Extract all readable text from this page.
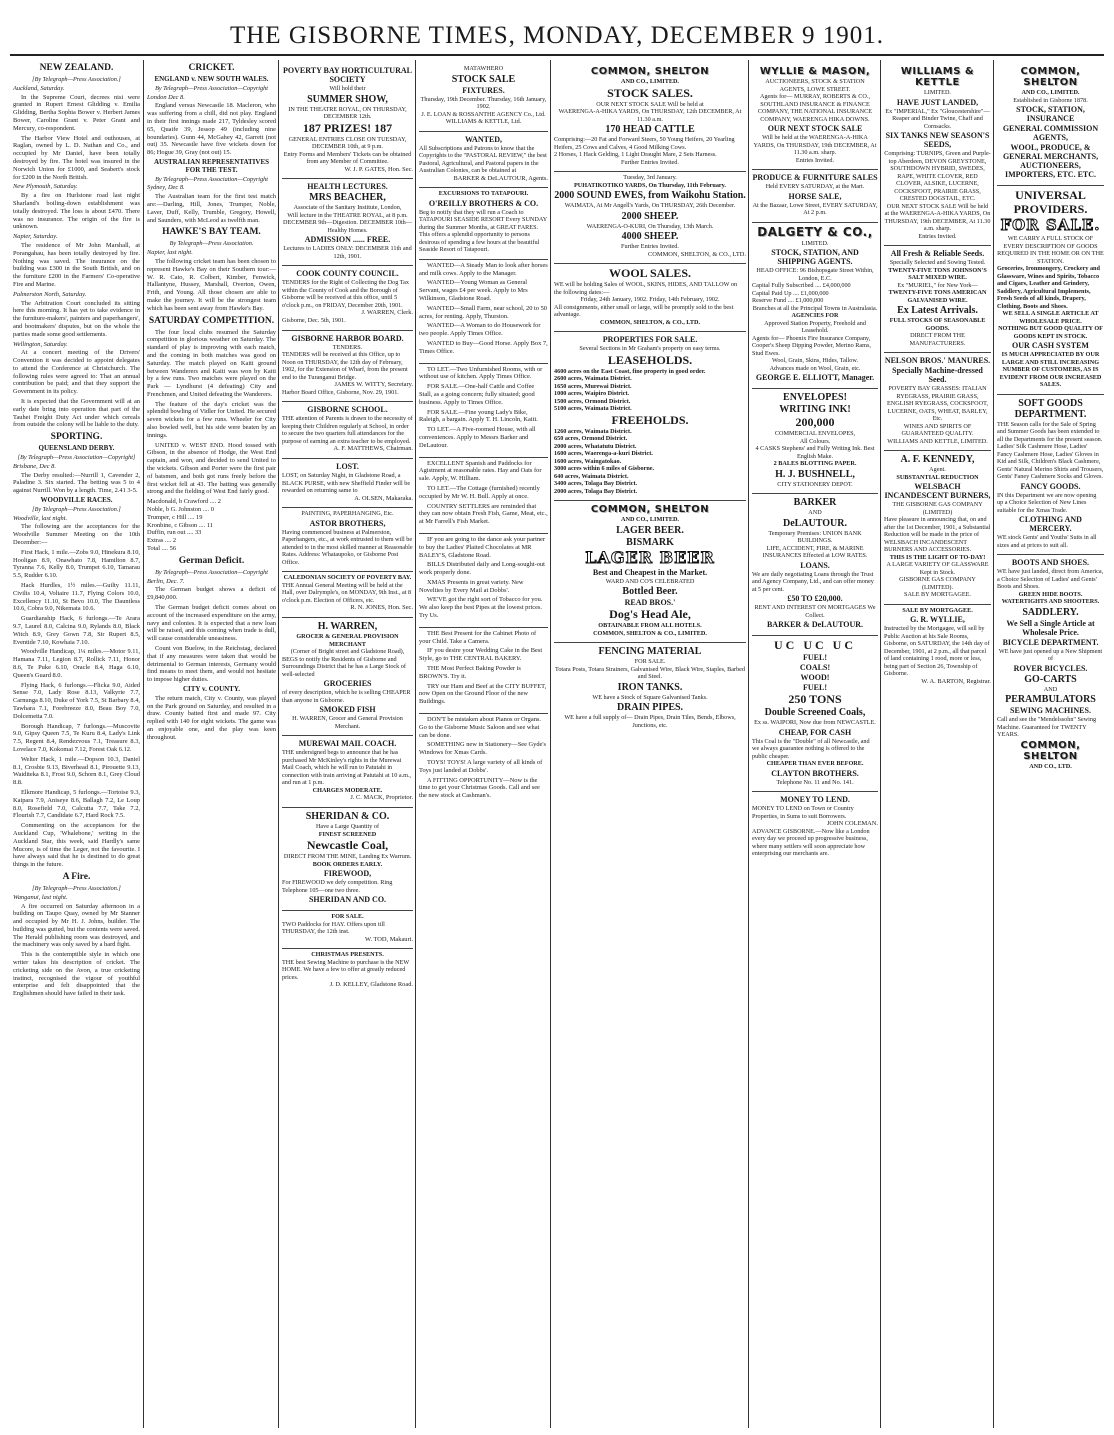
THE GISBORNE TIMES, MONDAY, DECEMBER 9 1901.
NEW ZEALAND.
[By Telegraph—Press Association.]
Auckland, Saturday.

In the Supreme Court, decrees nisi were granted in Rupert Ernest Glidding v. Emilia Glidding, Bertha Sophia Bower v. Herbert James Bower, Caroline Grant v. Peter Grant and Mercury, co-respondent.

The Harbor View Hotel and outhouses, at Raglan, owned by L. D. Nathan and Co., and occupied by Mr Daniel, have been totally destroyed by fire. The hotel was insured in the Norwich Union for £1000, and Seabert's stock for £200 in the North British.

New Plymouth, Saturday.

By a fire on Hurlstone road last night Sharland's boiling-down establishment was totally destroyed. The loss is about £470. There was no insurance. The origin of the fire is unknown.

Napier, Saturday.

The residence of Mr John Marshall, at Porangahau, has been totally destroyed by fire. Nothing was saved. The insurance on the building was £300 in the South British, and on the furniture £200 in the Farmers' Co-operative Fire and Marine.

Palmerston North, Saturday.

The Arbitration Court concluded its sitting here this morning. It has yet to take evidence in the furniture-makers', painters and paperhangers', and bootmakers' disputes, but on the whole the parties made some good settlements.

Wellington, Saturday.

At a concert meeting of the Drivers' Convention it was decided to appoint delegates to attend the Conference at Christchurch. The following rules were agreed to: That an annual contribution be paid; and that they support the Government in its policy.

It is expected that the Government will at an early date bring into operation that part of the Tauhei Freight Duty Act under which cereals from outside the colony will be liable to the duty.

SPORTING.
QUEENSLAND DERBY.
[By Telegraph—Press Association—Copyright]
Brisbane, Dec 8.

The Derby resulted:—Nurrill 1, Cavender 2, Paladine 3. Six started. The betting was 5 to 4 against Nurrill. Won by a length. Time, 2.41 3-5.

WOODVILLE RACES.
[By Telegraph—Press Association.]
Woodville, last night.

The following are the acceptances for the Woodville Summer Meeting on the 10th December:—

First Hack, 1 mile.—Zobs 9.0, Hinekura 8.10, Hooligan 8.9, Onawhato 7.8, Hamilton 8.7, Tyranna 7.6, Kelly 8.0, Trumpet 6.10, Tamarau 5.5, Rudder 6.10.

Hack Hurdles, 1½ miles.—Guilty 11.11, Civilis 10.4, Voltaire 11.7, Flying Colors 10.0, Excellency 11.10, St Bevo 10.0, The Dauntless 10.6, Cobra 9.0, Nikemata 10.6.

Guardianship Hack, 6 furlongs.—Te Arara 9.7, Laurel 8.0, Calcina 9.0, Rylands 8.0, Black Witch 8.9, Grey Gown 7.8, Sir Rupert 8.5, Eventide 7.10, Kowhaia 7.10.

Woodville Handicap, 1¼ miles.—Motor 9.11, Hamana 7.11, Legion 8.7, Rollick 7.11, Honor 8.6, Te Puke 6.10, Oracle 8.4, Haga 6.10, Queen's Guard 8.0.

Flying Hack, 6 furlongs.—Flicka 9.0, Aided Sense 7.0, Lady Rose 8.13, Valkyrie 7.7, Carnunga 8.10, Duke of York 7.5, St Barbary 8.4, Tawhara 7.1, Forebreeze 8.0, Beau Boy 7.0, Dolcemetta 7.0.

Borough Handicap, 7 furlongs.—Muscovite 9.0, Gipsy Queen 7.5, Te Kuru 8.4, Lady's Link 7.5, Regent 8.4, Rendezvous 7.1, Treasure 8.3, Lovelace 7.0, Kokomai 7.12, Forest Oak 6.12.

Welter Hack, 1 mile.—Dopson 10.3, Daniel 8.1, Crosbie 9.13, Biverhead 8.1, Pirouette 9.13, Waiditeka 8.1, Frost 9.0, Schorn 8.1, Grey Cloud 8.8.

Elkmore Handicap, 5 furlongs.—Tortoise 9.3, Kaipara 7.9, Aniseye 8.6, Ballagh 7.2, Le Loup 8.0, Rosefield 7.0, Calcutta 7.7, Take 7.2, Flourish 7.7, Candidate 6.7, Hard Rock 7.5.

Commenting on the acceptances for the Auckland Cup, 'Whalebone,' writing in the Auckland Star, this week, said Hardly's same Mucore, is of time the Leger, not the favourite. I have always said that he is destined to do great things in the future.

A Fire.
[By Telegraph—Press Association.]
Wanganui, last night.

A fire occurred on Saturday afternoon in a building on Taupo Quay, owned by Mr Stanner and occupied by Mr H. J. Johns, builder. The building was gutted, but the contents were saved. The Herald publishing room was destroyed, and the machinery was only saved by a hard fight.

This is the contemptible style in which one writer takes his description of cricket. The cricketing side on the Avon, a true cricketing instinct, recognised the vigour of youthful enterprise and felt disappointed that the Englishmen should have failed in their task.

CRICKET.
ENGLAND v. NEW SOUTH WALES.
By Telegraph—Press Association—Copyright
London Dec 8.

England versus Newcastle 18. Macleron, who was suffering from a chill, did not play. England in their first innings made 217, Tyldesley scored 65, Quaife 39, Jessop 49 (including nine boundaries). Gunn 44, McGahey 42, Garrett (not out) 35. Newcastle have five wickets down for 86; Hogue 39, Gray (not out) 15.

AUSTRALIAN REPRESENTATIVES FOR THE TEST.
By Telegraph—Press Association—Copyright
Sydney, Dec 8.

The Australian team for the first test match are:—Darling, Hill, Jones, Trumper, Noble, Laver, Duff, Kelly, Trumble, Gregory, Howell, and Saunders, with McLeod as twelfth man.

HAWKE'S BAY TEAM.
By Telegraph—Press Association.
Napier, last night.

The following cricket team has been chosen to represent Hawke's Bay on their Southern tour:—W. R. Cato, R. Colbert, Kimber, Fenwick, Hallantyne, Hussey, Marshall, Overton, Owen, Frith, and Young. All those chosen are able to make the journey. It will be the strongest team which has been sent away from Hawke's Bay.

SATURDAY COMPETITION.

The four local clubs resumed the Saturday competition in glorious weather on Saturday. The standard of play is improving with each match, and the coming in both matches was good on Saturday. The match played on Kaiti ground between Wanderers and Kaiti was won by Kaiti by a few runs. Two matches were played on the Park — Lyndhurst (4 defeating) City and Frenchmen, and United defeating the Wanderers.

The feature of the day's cricket was the splendid bowling of Vidler for United. He secured seven wickets for a few runs. Wheeler for City also bowled well, but his side were beaten by an innings.

UNITED v. WEST END. Hood tossed with Gibson, in the absence of Hodge, the West End captain, and won, and decided to send United to the wickets. Gibson and Porter were the first pair of batsmen, and both got runs freely before the first wicket fell at 43. The batting was generally strong and the fielding of West End fairly good.

Macdonald, b Crawford .... 2
Noble, b G. Johnston .... 0
Trumper, c Hill .... 19
Kronbine, c Gibson .... 11
Duffin, run out .... 33
Extras .... 2
Total .... 56
German Deficit.
By Telegraph—Press Association—Copyright
Berlin, Dec. 7.

The German budget shows a deficit of £9,840,000.

The German budget deficit comes about on account of the increased expenditure on the army, navy and colonies. It is expected that a new loan will be raised, and this coming when trade is dull, will cause considerable uneasiness.

Count von Buelow, in the Reichstag, declared that if any measures were taken that would be detrimental to German interests, Germany would find means to meet them, and would not hesitate to impose higher duties.

CITY v. COUNTY.

The return match, City v. County, was played on the Park ground on Saturday, and resulted in a draw. County batted first and made 97. City replied with 140 for eight wickets. The game was an enjoyable one, and the play was keen throughout.

POVERTY BAY HORTICULTURAL SOCIETY
Will hold their
SUMMER SHOW,
IN THE THEATRE ROYAL, ON THURSDAY, DECEMBER 12th.
187 PRIZES! 187
GENERAL ENTRIES CLOSE ON TUESDAY, DECEMBER 10th, at 9 p.m.
Entry Forms and Members' Tickets can be obtained from any Member of Committee.
W. J. P. GATES, Hon. Sec.
HEALTH LECTURES.
MRS BEACHER,
Associate of the Sanitary Institute, London,
Will lecture in the THEATRE ROYAL, at 8 p.m.
DECEMBER 9th—Digestion. DECEMBER 10th—Healthy Homes.
ADMISSION ...... FREE.
Lectures to LADIES ONLY: DECEMBER 11th and 12th, 1901.
COOK COUNTY COUNCIL.
TENDERS for the Right of Collecting the Dog Tax within the County of Cook and the Borough of Gisborne will be received at this office, until 5 o'clock p.m., on FRIDAY, December 20th, 1901.
J. WARREN, Clerk.
Gisborne, Dec. 5th, 1901.
GISBORNE HARBOR BOARD.
TENDERS.
TENDERS will be received at this Office, up to Noon on THURSDAY, the 12th day of February, 1902, for the Extension of Wharf, from the present end to the Turanganui Bridge.
JAMES W. WITTY, Secretary.
Harbor Board Office, Gisborne, Nov. 29, 1901.
GISBORNE SCHOOL.
THE attention of Parents is drawn to the necessity of keeping their Children regularly at School, in order to secure the two quarters full attendances for the purpose of earning an extra teacher to be employed.
A. F. MATTHEWS, Chairman.
LOST.
LOST, on Saturday Night, in Gladstone Road, a BLACK PURSE, with new Sheffield Finder will be rewarded on returning same to
A. OLSEN, Makaraka.
PAINTING, PAPERHANGING, Etc.
ASTOR BROTHERS,
Having commenced business at Palmerston, Paperhangers, etc., at work entrusted to them will be attended to in the most skilled manner at Reasonable Rates. Address: Whataupoko, or Gisborne Post Office.
CALEDONIAN SOCIETY OF POVERTY BAY.
THE Annual General Meeting will be held at the Hall, over Dalrymple's, on MONDAY, 9th Inst., at 8 o'clock p.m. Election of Officers, etc.
R. N. JONES, Hon. Sec.
H. WARREN,
GROCER & GENERAL PROVISION MERCHANT
(Corner of Bright street and Gladstone Road),
BEGS to notify the Residents of Gisborne and Surroundings District that he has a Large Stock of well-selected
GROCERIES
of every description, which he is selling CHEAPER than anyone in Gisborne.
SMOKED FISH
H. WARREN, Grocer and General Provision Merchant.
MUREWAI MAIL COACH.
THE undersigned begs to announce that he has purchased Mr McKinley's rights in the Murewai Mail Coach, which he will run to Patutahi in connection with train arriving at Patutahi at 10 a.m., and run at 1 p.m.
CHARGES MODERATE.
J. C. MACK, Proprietor.
SHERIDAN & CO.
Have a Large Quantity of
FINEST SCREENED
Newcastle Coal,
DIRECT FROM THE MINE, Landing Ex Warrum.
BOOK ORDERS EARLY.
FIREWOOD,
For FIREWOOD we defy competition. Ring Telephone 105—one two three.
SHERIDAN AND CO.
FOR SALE.
TWO Paddocks for HAY. Offers upon till THURSDAY, the 12th inst.
W. TOD, Makauri.
CHRISTMAS PRESENTS.
THE best Sewing Machine to purchase is the NEW HOME. We have a few to offer at greatly reduced prices.
J. D. KELLEY, Gladstone Road.
MATAWHERO
STOCK SALE
FIXTURES.
Thursday, 19th December. Thursday, 16th January, 1902.
J. E. LOAN & ROSSANTHE AGENCY Co., Ltd. WILLIAMS & KETTLE, Ltd.
WANTED,
All Subscriptions and Patrons to know that the Copyrights to the "PASTORAL REVIEW," the best Pastoral, Agricultural, and Pastoral papers in the Australian Colonies, can be obtained at
BARKER & DeLAUTOUR, Agents.
EXCURSIONS TO TATAPOURI.
O'REILLY BROTHERS & CO.
Beg to notify that they will run a Coach to TATAPOURI SEASIDE RESORT Every SUNDAY during the Summer Months, at GREAT FARES.
This offers a splendid opportunity to persons desirous of spending a few hours at the beautiful Seaside Resort of Tatapouri.

WANTED—A Steady Man to look after horses and milk cows. Apply to the Manager.

WANTED—Young Woman as General Servant, wages £4 per week. Apply to Mrs Wilkinson, Gladstone Road.

WANTED—Small Farm, near school, 20 to 50 acres, for renting. Apply, Thurston.

WANTED—A Woman to do Housework for two people. Apply Times Office.

WANTED to Buy—Good Horse. Apply Box 7, Times Office.

TO LET.—Two Unfurnished Rooms, with or without use of kitchen. Apply Times Office.

FOR SALE.—One-half Cattle and Coffee Stall, as a going concern; fully situated; good business. Apply to Times Office.

FOR SALE.—Fine young Lady's Bike, Raleigh, a bargain. Apply T. H. Lincoln, Kaiti.

TO LET.—A Five-roomed House, with all conveniences. Apply to Messrs Barker and DeLautour.

EXCELLENT Spanish and Paddocks for Agistment at reasonable rates. Hay and Oats for sale. Apply, W. Hilliam.

TO LET.—The Cottage (furnished) recently occupied by Mr W. H. Bull. Apply at once.

COUNTRY SETTLERS are reminded that they can now obtain Fresh Fish, Game, Meat, etc., at Mr Farrell's Fish Market.

IF you are going to the dance ask your partner to buy the Ladies' Plaited Chocolates at MR BALEY'S, Gladstone Road.

BILLS Distributed daily and Long-sought-out work properly done.

XMAS Presents in great variety. New Novelties by Every Mail at Dobbs'.

WE'VE got the right sort of Tobacco for you. We also keep the best Pipes at the lowest prices. Try Us.

THE Best Present for the Cabinet Photo of your Child. Take a Camera.

IF you desire your Wedding Cake in the Best Style, go to THE CENTRAL BAKERY.

THE Most Perfect Baking Powder is BROWN'S. Try it.

TRY our Ham and Beef at the CITY BUFFET, now Open on the Ground Floor of the new Buildings.

DON'T be mistaken about Pianos or Organs. Go to the Gisborne Music Saloon and see what can be done.

SOMETHING new in Stationery—See Gyde's Windows for Xmas Cards.

TOYS! TOYS! A large variety of all kinds of Toys just landed at Dobbs'.

A FITTING OPPORTUNITY—Now is the time to get your Christmas Goods. Call and see the new stock at Cashman's.

COMMON, SHELTON
AND CO., LIMITED.
STOCK SALES.
OUR NEXT STOCK SALE Will be held at
WAERENGA-A-HIKA YARDS, On THURSDAY, 12th DECEMBER, At 11.30 a.m.
170 HEAD CATTLE
Comprising:—20 Fat and Forward Steers, 50 Young Heifers, 20 Yearling Heifers, 25 Cows and Calves, 4 Good Milking Cows.
2 Horses, 1 Hack Gelding, 1 Light Draught Mare, 2 Sets Harness.
Further Entries Invited.
Tuesday, 3rd January.
PUHATIKOTIKO YARDS, On Thursday, 11th February.
2000 SOUND EWES, from Waikohu Station.
WAIMATA, At Mr Angell's Yards, On THURSDAY, 26th December.
2000 SHEEP.
WAERENGA-O-KURI, On Thursday, 13th March.
4000 SHEEP.
Further Entries Invited.
COMMON, SHELTON, & CO., LTD.
WOOL SALES.
WE will be holding Sales of WOOL, SKINS, HIDES, AND TALLOW on the following dates:—
Friday, 24th January, 1902. Friday, 14th February, 1902.
All consignments, either small or large, will be promptly sold to the best advantage.
COMMON, SHELTON, & CO., LTD.
PROPERTIES FOR SALE.
Several Sections in Mr Graham's property on easy terms.
LEASEHOLDS.
4600 acres on the East Coast, fine property in good order.
2600 acres, Waimata District.
1650 acres, Murewai District.
1000 acres, Waipiro District.
1500 acres, Ormond District.
5100 acres, Waimata District.
FREEHOLDS.
1260 acres, Waimata District.
650 acres, Ormond District.
2000 acres, Whatatutu District.
1600 acres, Waerenga-a-kuri District.
1600 acres, Waingatokao.
3000 acres within 6 miles of Gisborne.
640 acres, Waimata District.
3400 acres, Tolaga Bay District.
2000 acres, Tolaga Bay District.
COMMON, SHELTON
AND CO., LIMITED.
LAGER BEER.
BISMARK
LAGER BEER
Best and Cheapest in the Market.
WARD AND CO'S CELEBRATED
Bottled Beer.
READ BROS.'
Dog's Head Ale,
OBTAINABLE FROM ALL HOTELS.
COMMON, SHELTON & CO., LIMITED.
FENCING MATERIAL
FOR SALE.
Totara Posts, Totara Strainers, Galvanised Wire, Black Wire, Staples, Barbed and Steel.
IRON TANKS.
WE have a Stock of Square Galvanised Tanks.
DRAIN PIPES.
WE have a full supply of— Drain Pipes, Drain Tiles, Bends, Elbows, Junctions, etc.
WYLLIE & MASON,
AUCTIONEERS, STOCK & STATION AGENTS, LOWE STREET.
Agents for— MURRAY, ROBERTS & CO., SOUTHLAND INSURANCE & FINANCE COMPANY, THE NATIONAL INSURANCE COMPANY, WAERENGA HIKA DOWNS.
OUR NEXT STOCK SALE
Will be held at the WAERENGA-A-HIKA YARDS, On THURSDAY, 19th DECEMBER, At 11.30 a.m. sharp.
Entries Invited.
PRODUCE & FURNITURE SALES
Held EVERY SATURDAY, at the Mart.
HORSE SALE,
At the Bazaar, Lowe Street, EVERY SATURDAY, At 2 p.m.
DALGETY & CO.,
LIMITED.
STOCK, STATION, AND SHIPPING AGENTS.
HEAD OFFICE: 96 Bishopsgate Street Within, London, E.C.
Capital Fully Subscribed .... £4,000,000
Capital Paid Up .... £1,000,000
Reserve Fund .... £1,000,000
Branches at all the Principal Towns in Australasia.
AGENCIES FOR
Approved Station Property, Freehold and Leasehold.
Agents for— Phoenix Fire Insurance Company, Cooper's Sheep Dipping Powder, Merino Rams, Stud Ewes.
Wool, Grain, Skins, Hides, Tallow.
Advances made on Wool, Grain, etc.
GEORGE E. ELLIOTT, Manager.
ENVELOPES!
WRITING INK!
200,000
COMMERCIAL ENVELOPES,
All Colours.
4 CASKS Stephens' and Fully Writing Ink. Best English Make.
2 BALES BLOTTING PAPER.
H. J. BUSHNELL,
CITY STATIONERY DEPOT.
BARKER
AND
DeLAUTOUR.
Temporary Premises: UNION BANK BUILDINGS.
LIFE, ACCIDENT, FIRE, & MARINE INSURANCES Effected at LOW RATES.
LOANS.
We are daily negotiating Loans through the Trust and Agency Company, Ltd., and can offer money at 5 per cent.
£50 TO £20,000.
RENT AND INTEREST ON MORTGAGES We Collect.
BARKER & DeLAUTOUR.
UC UC UC
FUEL!
COALS!
WOOD!
FUEL!
250 TONS
Double Screened Coals,
Ex ss. WAIPORI, Now due from NEWCASTLE.
CHEAP, FOR CASH
This Coal is the "Double" of all Newcastle, and we always guarantee nothing is offered to the public cheaper.
CHEAPER THAN EVER BEFORE.
CLAYTON BROTHERS.
Telephone No. 11 and No. 141.
MONEY TO LEND.
MONEY TO LEND on Town or Country Properties, in Sums to suit Borrowers.
JOHN COLEMAN.
ADVANCE GISBORNE.—Now like a London every day we proceed up progressive business, where many settlers will soon appreciate how enterprising our merchants are.
WILLIAMS & KETTLE
LIMITED.
HAVE JUST LANDED,
Ex "IMPERIAL," Ex "Gloucestershire"— Reaper and Binder Twine, Chaff and Cornsacks.
SIX TANKS NEW SEASON'S SEEDS,
Comprising: TURNIPS, Green and Purple-top Aberdeen, DEVON GREYSTONE, SOUTHDOWN HYBRID, SWEDES, RAPE, WHITE CLOVER, RED CLOVER, ALSIKE, LUCERNE, COCKSFOOT, PRAIRIE GRASS, CRESTED DOGSTAIL, ETC.
OUR NEXT STOCK SALE Will be held at the WAERENGA-A-HIKA YARDS, On THURSDAY, 19th DECEMBER, At 11.30 a.m. sharp.
Entries Invited.
All Fresh & Reliable Seeds.
Specially Selected and Sowing Tested.
TWENTY-FIVE TONS JOHNSON'S SALT MIXED WIRE.
Ex "MURIEL," for New York—
TWENTY-FIVE TONS AMERICAN GALVANISED WIRE.
Ex Latest Arrivals.
FULL STOCKS OF SEASONABLE GOODS.
DIRECT FROM THE MANUFACTURERS.
NELSON BROS.' MANURES.
Specially Machine-dressed Seed.
POVERTY BAY GRASSES: ITALIAN RYEGRASS, PRAIRIE GRASS, ENGLISH RYEGRASS, COCKSFOOT, LUCERNE, OATS, WHEAT, BARLEY, Etc.
WINES AND SPIRITS OF GUARANTEED QUALITY.
WILLIAMS AND KETTLE, LIMITED.
A. F. KENNEDY,
Agent.
SUBSTANTIAL REDUCTION
WELSBACH INCANDESCENT BURNERS,
THE GISBORNE GAS COMPANY (LIMITED)
Have pleasure in announcing that, on and after the 1st December, 1901, a Substantial Reduction will be made in the price of WELSBACH INCANDESCENT BURNERS AND ACCESSORIES.
THIS IS THE LIGHT OF TO-DAY!
A LARGE VARIETY OF GLASSWARE Kept in Stock.
GISBORNE GAS COMPANY (LIMITED).
SALE BY MORTGAGEE.
SALE BY MORTGAGEE.
G. R. WYLLIE,
Instructed by the Mortgagee, will sell by Public Auction at his Sale Rooms, Gisborne, on SATURDAY, the 14th day of December, 1901, at 2 p.m., all that parcel of land containing 1 rood, more or less, being part of Section 26, Township of Gisborne.
W. A. BARTON, Registrar.
COMMON, SHELTON
AND CO., LIMITED.
Established in Gisborne 1878.
STOCK, STATION, INSURANCE
GENERAL COMMISSION AGENTS,
WOOL, PRODUCE, & GENERAL MERCHANTS, AUCTIONEERS, IMPORTERS, ETC. ETC.
UNIVERSAL
PROVIDERS.
FOR SALE.
WE CARRY A FULL STOCK OF EVERY DESCRIPTION OF GOODS REQUIRED IN THE HOME OR ON THE STATION.
Groceries, Ironmongery, Crockery and Glassware, Wines and Spirits, Tobacco and Cigars, Leather and Grindery, Saddlery, Agricultural Implements, Fresh Seeds of all kinds, Drapery, Clothing, Boots and Shoes.
WE SELL A SINGLE ARTICLE AT WHOLESALE PRICE.
NOTHING BUT GOOD QUALITY OF GOODS KEPT IN STOCK.
OUR CASH SYSTEM
IS MUCH APPRECIATED BY OUR LARGE AND STILL INCREASING NUMBER OF CUSTOMERS, AS IS EVIDENT FROM OUR INCREASED SALES.
SOFT GOODS DEPARTMENT.
THE Season calls for the Sale of Spring and Summer Goods has been extended to all the Departments for the present season.
Ladies' Silk Cashmere Hose, Ladies' Fancy Cashmere Hose, Ladies' Gloves in Kid and Silk, Children's Black Cashmere, Gents' Natural Merino Shirts and Trousers, Gents' Faney Cashmere Socks and Gloves.
FANCY GOODS.
IN this Department we are now opening up a Choice Selection of New Lines suitable for the Xmas Trade.
CLOTHING AND MERCERY.
WE stock Gents' and Youths' Suits in all sizes and at prices to suit all.
BOOTS AND SHOES.
WE have just landed, direct from America, a Choice Selection of Ladies' and Gents' Boots and Shoes.
GREEN HIDE BOOTS.
WATERTIGHTS AND SHOOTERS.
SADDLERY.
We Sell a Single Article at Wholesale Price.
BICYCLE DEPARTMENT.
WE have just opened up a New Shipment of
ROVER BICYCLES.
GO-CARTS
AND
PERAMBULATORS
SEWING MACHINES.
Call and see the "Mendelssohn" Sewing Machine. Guaranteed for TWENTY YEARS.
COMMON, SHELTON
AND CO., LTD.
